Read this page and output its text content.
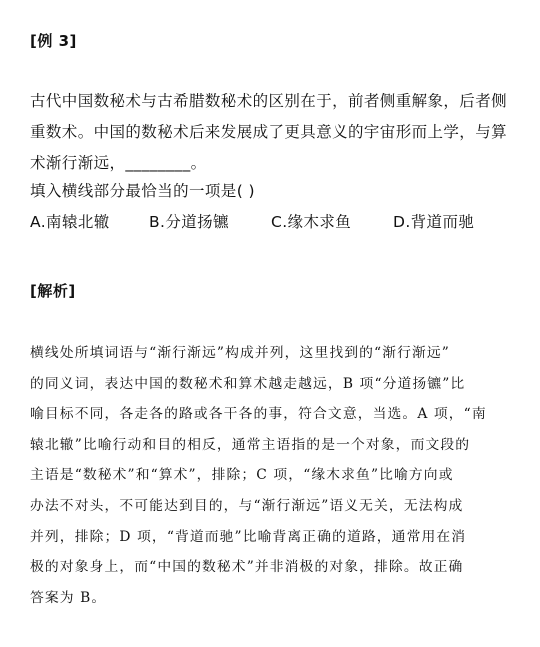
[例 3]

古代中国数秘术与古希腊数秘术的区别在于，前者侧重解象，后者侧
重数术。中国的数秘术后来发展成了更具意义的宇宙形而上学，与算
术渐行渐远，________。

填入横线部分最恰当的一项是( )
A.南辕北辙	B.分道扬镳	C.缘木求鱼	D.背道而驰
[解析]
横线处所填词语与“渐行渐远”构成并列，这里找到的“渐行渐远”
的同义词，表达中国的数秘术和算术越走越远，B 项“分道扬镳”比
喻目标不同，各走各的路或各干各的事，符合文意，当选。A 项，“南
辕北辙”比喻行动和目的相反，通常主语指的是一个对象，而文段的
主语是“数秘术”和“算术”，排除；C 项，“缘木求鱼”比喻方向或
办法不对头，不可能达到目的，与“渐行渐远”语义无关，无法构成
并列，排除；D 项，“背道而驰”比喻背离正确的道路，通常用在消
极的对象身上，而“中国的数秘术”并非消极的对象，排除。故正确
答案为 B。
